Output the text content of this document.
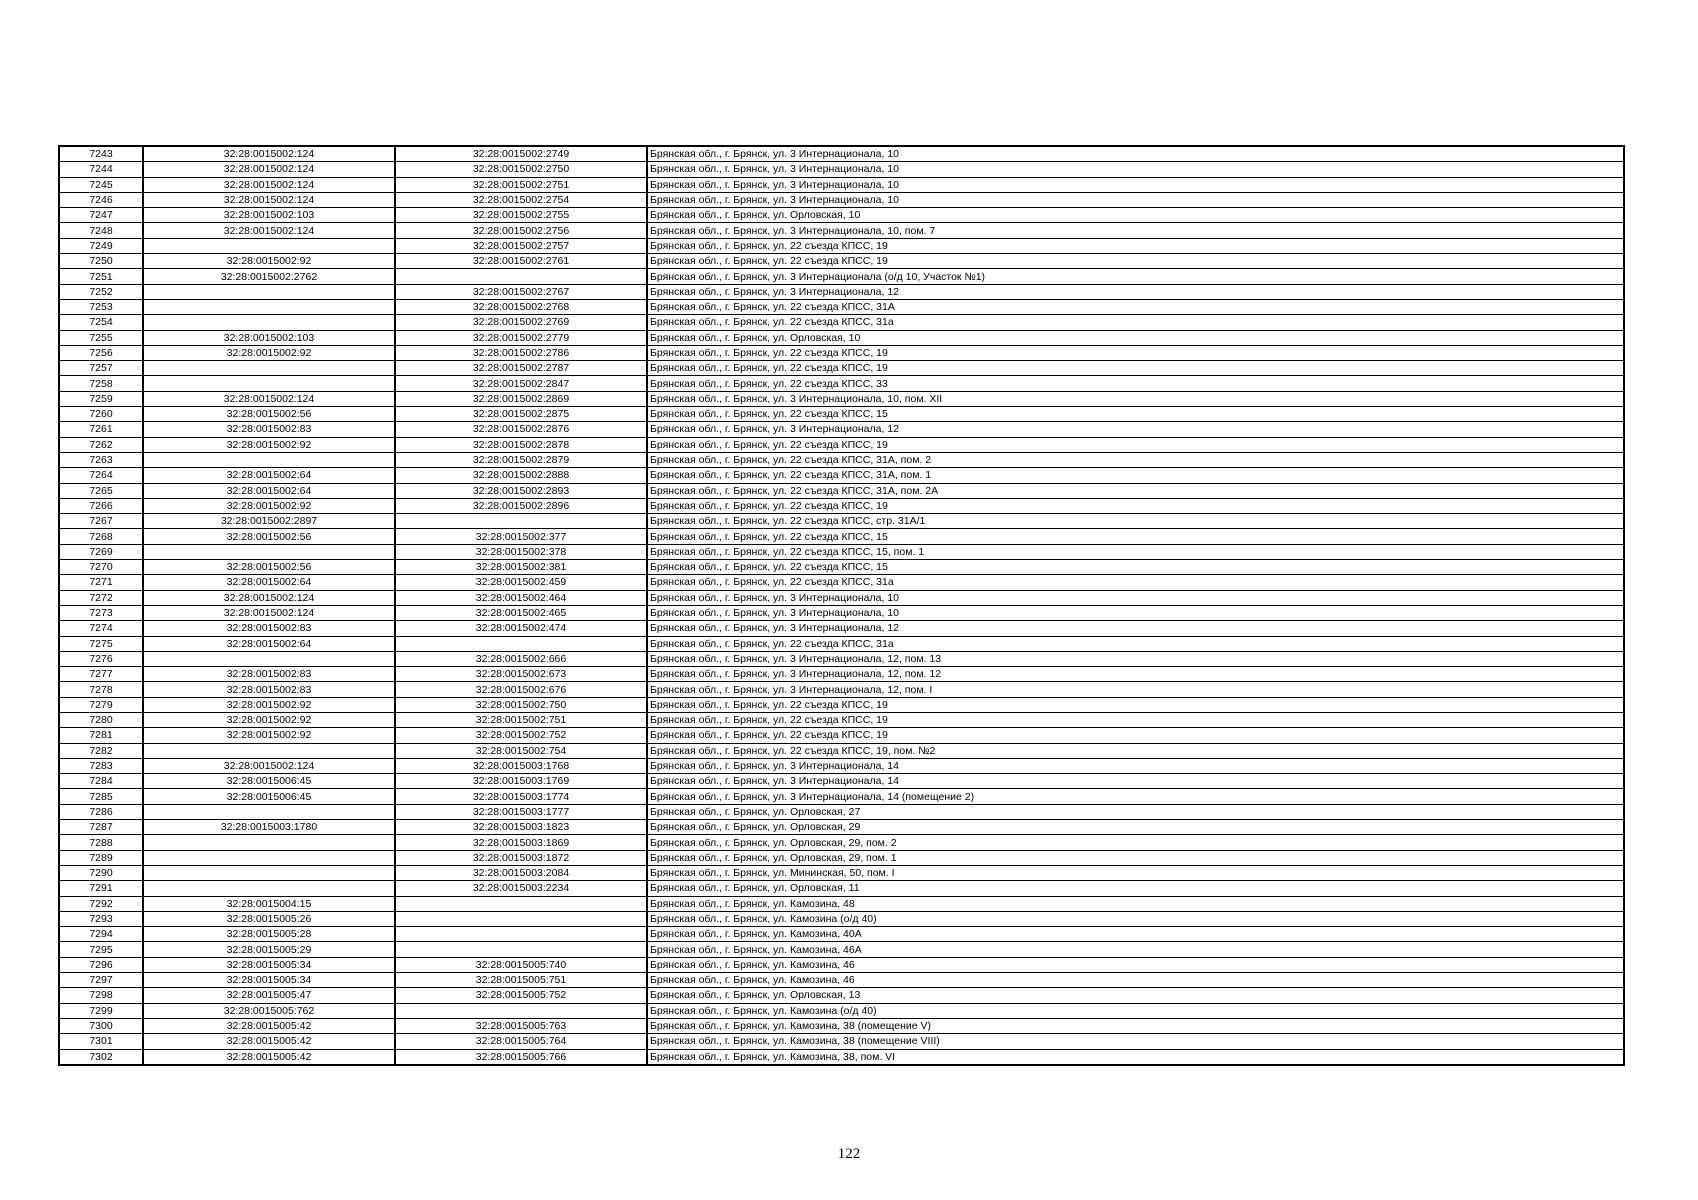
7243	32:28:0015002:124	32:28:0015002:2749	Брянская обл., г. Брянск, ул. 3 Интернационала, 10
7244	32:28:0015002:124	32:28:0015002:2750	Брянская обл., г. Брянск, ул. 3 Интернационала, 10
7245	32:28:0015002:124	32:28:0015002:2751	Брянская обл., г. Брянск, ул. 3 Интернационала, 10
7246	32:28:0015002:124	32:28:0015002:2754	Брянская обл., г. Брянск, ул. 3 Интернационала, 10
7247	32:28:0015002:103	32:28:0015002:2755	Брянская обл., г. Брянск, ул. Орловская, 10
7248	32:28:0015002:124	32:28:0015002:2756	Брянская обл., г. Брянск, ул. 3 Интернационала, 10, пом. 7
7249		32:28:0015002:2757	Брянская обл., г. Брянск, ул. 22 съезда КПСС, 19
7250	32:28:0015002:92	32:28:0015002:2761	Брянская обл., г. Брянск, ул. 22 съезда КПСС, 19
7251	32:28:0015002:2762		Брянская обл., г. Брянск, ул. 3 Интернационала (о/д 10, Участок №1)
7252		32:28:0015002:2767	Брянская обл., г. Брянск, ул. 3 Интернационала, 12
7253		32:28:0015002:2768	Брянская обл., г. Брянск, ул. 22 съезда КПСС, 31А
7254		32:28:0015002:2769	Брянская обл., г. Брянск, ул. 22 съезда КПСС, 31а
7255	32:28:0015002:103	32:28:0015002:2779	Брянская обл., г. Брянск, ул. Орловская, 10
7256	32:28:0015002:92	32:28:0015002:2786	Брянская обл., г. Брянск, ул. 22 съезда КПСС, 19
7257		32:28:0015002:2787	Брянская обл., г. Брянск, ул. 22 съезда КПСС, 19
7258		32:28:0015002:2847	Брянская обл., г. Брянск, ул. 22 съезда КПСС, 33
7259	32:28:0015002:124	32:28:0015002:2869	Брянская обл., г. Брянск, ул. 3 Интернационала, 10, пом. XII
7260	32:28:0015002:56	32:28:0015002:2875	Брянская обл., г. Брянск, ул. 22 съезда КПСС, 15
7261	32:28:0015002:83	32:28:0015002:2876	Брянская обл., г. Брянск, ул. 3 Интернационала, 12
7262	32:28:0015002:92	32:28:0015002:2878	Брянская обл., г. Брянск, ул. 22 съезда КПСС, 19
7263		32:28:0015002:2879	Брянская обл., г. Брянск, ул. 22 съезда КПСС, 31А, пом. 2
7264	32:28:0015002:64	32:28:0015002:2888	Брянская обл., г. Брянск, ул. 22 съезда КПСС, 31А, пом. 1
7265	32:28:0015002:64	32:28:0015002:2893	Брянская обл., г. Брянск, ул. 22 съезда КПСС, 31А, пом. 2А
7266	32:28:0015002:92	32:28:0015002:2896	Брянская обл., г. Брянск, ул. 22 съезда КПСС, 19
7267	32:28:0015002:2897		Брянская обл., г. Брянск, ул. 22 съезда КПСС, стр. 31А/1
7268	32:28:0015002:56	32:28:0015002:377	Брянская обл., г. Брянск, ул. 22 съезда КПСС, 15
7269		32:28:0015002:378	Брянская обл., г. Брянск, ул. 22 съезда КПСС, 15, пом. 1
7270	32:28:0015002:56	32:28:0015002:381	Брянская обл., г. Брянск, ул. 22 съезда КПСС, 15
7271	32:28:0015002:64	32:28:0015002:459	Брянская обл., г. Брянск, ул. 22 съезда КПСС, 31а
7272	32:28:0015002:124	32:28:0015002:464	Брянская обл., г. Брянск, ул. 3 Интернационала, 10
7273	32:28:0015002:124	32:28:0015002:465	Брянская обл., г. Брянск, ул. 3 Интернационала, 10
7274	32:28:0015002:83	32:28:0015002:474	Брянская обл., г. Брянск, ул. 3 Интернационала, 12
7275	32:28:0015002:64		Брянская обл., г. Брянск, ул. 22 съезда КПСС, 31а
7276		32:28:0015002:666	Брянская обл., г. Брянск, ул. 3 Интернационала, 12, пом. 13
7277	32:28:0015002:83	32:28:0015002:673	Брянская обл., г. Брянск, ул. 3 Интернационала, 12, пом. 12
7278	32:28:0015002:83	32:28:0015002:676	Брянская обл., г. Брянск, ул. 3 Интернационала, 12, пом. I
7279	32:28:0015002:92	32:28:0015002:750	Брянская обл., г. Брянск, ул. 22 съезда КПСС, 19
7280	32:28:0015002:92	32:28:0015002:751	Брянская обл., г. Брянск, ул. 22 съезда КПСС, 19
7281	32:28:0015002:92	32:28:0015002:752	Брянская обл., г. Брянск, ул. 22 съезда КПСС, 19
7282		32:28:0015002:754	Брянская обл., г. Брянск, ул. 22 съезда КПСС, 19, пом. №2
7283	32:28:0015002:124	32:28:0015003:1768	Брянская обл., г. Брянск, ул. 3 Интернационала, 14
7284	32:28:0015006:45	32:28:0015003:1769	Брянская обл., г. Брянск, ул. 3 Интернационала, 14
7285	32:28:0015006:45	32:28:0015003:1774	Брянская обл., г. Брянск, ул. 3 Интернационала, 14 (помещение 2)
7286		32:28:0015003:1777	Брянская обл., г. Брянск, ул. Орловская, 27
7287	32:28:0015003:1780	32:28:0015003:1823	Брянская обл., г. Брянск, ул. Орловская, 29
7288		32:28:0015003:1869	Брянская обл., г. Брянск, ул. Орловская, 29, пом. 2
7289		32:28:0015003:1872	Брянская обл., г. Брянск, ул. Орловская, 29, пом. 1
7290		32:28:0015003:2084	Брянская обл., г. Брянск, ул. Мининская, 50, пом. I
7291		32:28:0015003:2234	Брянская обл., г. Брянск, ул. Орловская, 11
7292	32:28:0015004:15		Брянская обл., г. Брянск, ул. Камозина, 48
7293	32:28:0015005:26		Брянская обл., г. Брянск, ул. Камозина (о/д 40)
7294	32:28:0015005:28		Брянская обл., г. Брянск, ул. Камозина, 40А
7295	32:28:0015005:29		Брянская обл., г. Брянск, ул. Камозина, 46А
7296	32:28:0015005:34	32:28:0015005:740	Брянская обл., г. Брянск, ул. Камозина, 46
7297	32:28:0015005:34	32:28:0015005:751	Брянская обл., г. Брянск, ул. Камозина, 46
7298	32:28:0015005:47	32:28:0015005:752	Брянская обл., г. Брянск, ул. Орловская, 13
7299	32:28:0015005:762		Брянская обл., г. Брянск, ул. Камозина (о/д 40)
7300	32:28:0015005:42	32:28:0015005:763	Брянская обл., г. Брянск, ул. Камозина, 38 (помещение V)
7301	32:28:0015005:42	32:28:0015005:764	Брянская обл., г. Брянск, ул. Камозина, 38 (помещение VIII)
7302	32:28:0015005:42	32:28:0015005:766	Брянская обл., г. Брянск, ул. Камозина, 38, пом. VI
122
